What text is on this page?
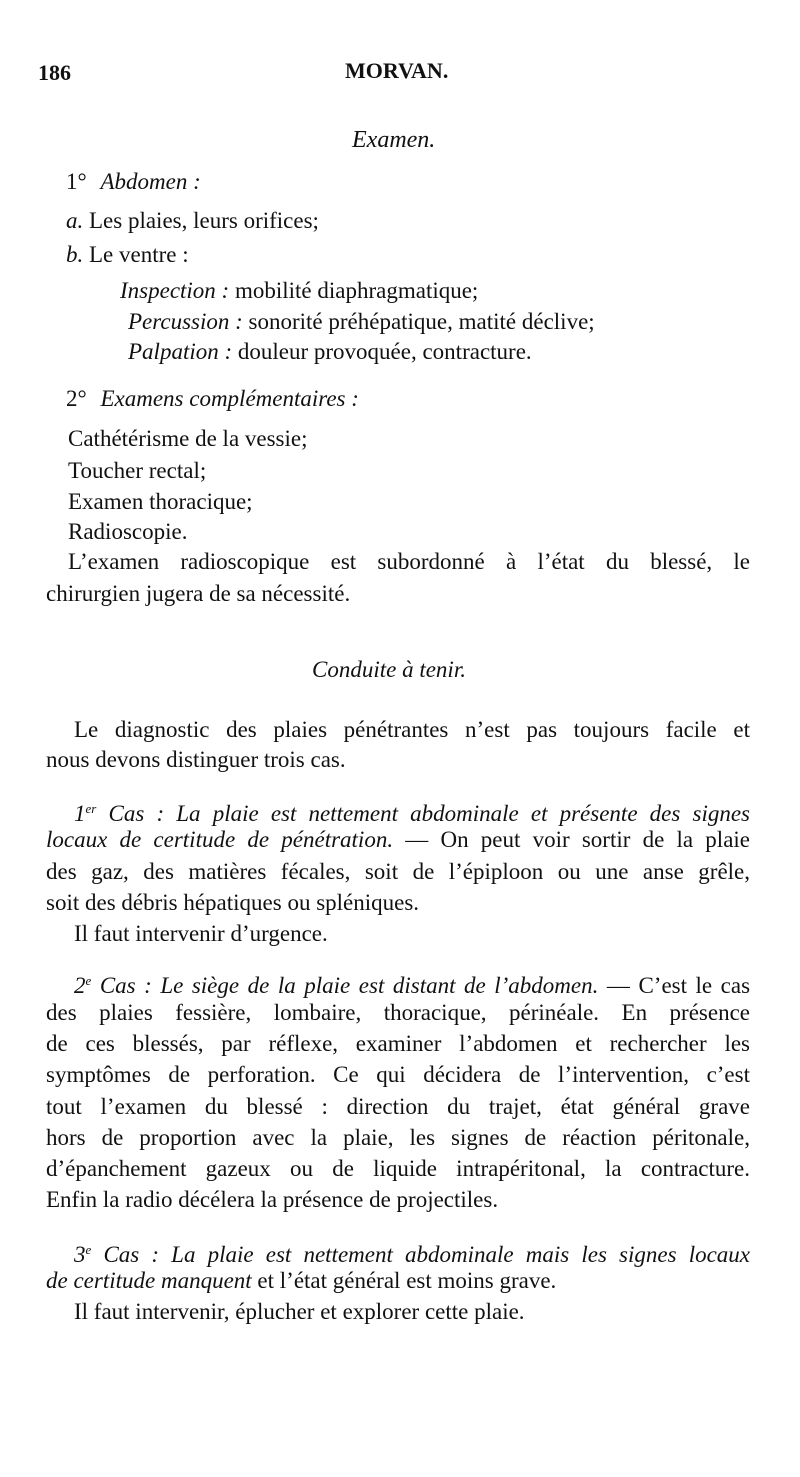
186	MORVAN.
Examen.
1° Abdomen :
a. Les plaies, leurs orifices;
b. Le ventre :
Inspection : mobilité diaphragmatique;
Percussion : sonorité préhépatique, matité déclive;
Palpation : douleur provoquée, contracture.
2° Examens complémentaires :
Cathétérisme de la vessie;
Toucher rectal;
Examen thoracique;
Radioscopie.
L’examen radioscopique est subordonné à l’état du blessé, le
chirurgien jugera de sa nécessité.
Conduite à tenir.
Le diagnostic des plaies pénétrantes n’est pas toujours facile et
nous devons distinguer trois cas.
1er Cas : La plaie est nettement abdominale et présente des signes
locaux de certitude de pénétration. — On peut voir sortir de la plaie
des gaz, des matières fécales, soit de l’épiploon ou une anse grêle,
soit des débris hépatiques ou spléniques.
Il faut intervenir d’urgence.
2e Cas : Le siège de la plaie est distant de l’abdomen. — C’est le cas
des plaies fessière, lombaire, thoracique, périnéale. En présence
de ces blessés, par réflexe, examiner l’abdomen et rechercher les
symptômes de perforation. Ce qui décidera de l’intervention, c’est
tout l’examen du blessé : direction du trajet, état général grave
hors de proportion avec la plaie, les signes de réaction péritonale,
d’épanchement gazeux ou de liquide intrapéritonal, la contracture.
Enfin la radio décélera la présence de projectiles.
3e Cas : La plaie est nettement abdominale mais les signes locaux
de certitude manquent et l’état général est moins grave.
Il faut intervenir, éplucher et explorer cette plaie.
